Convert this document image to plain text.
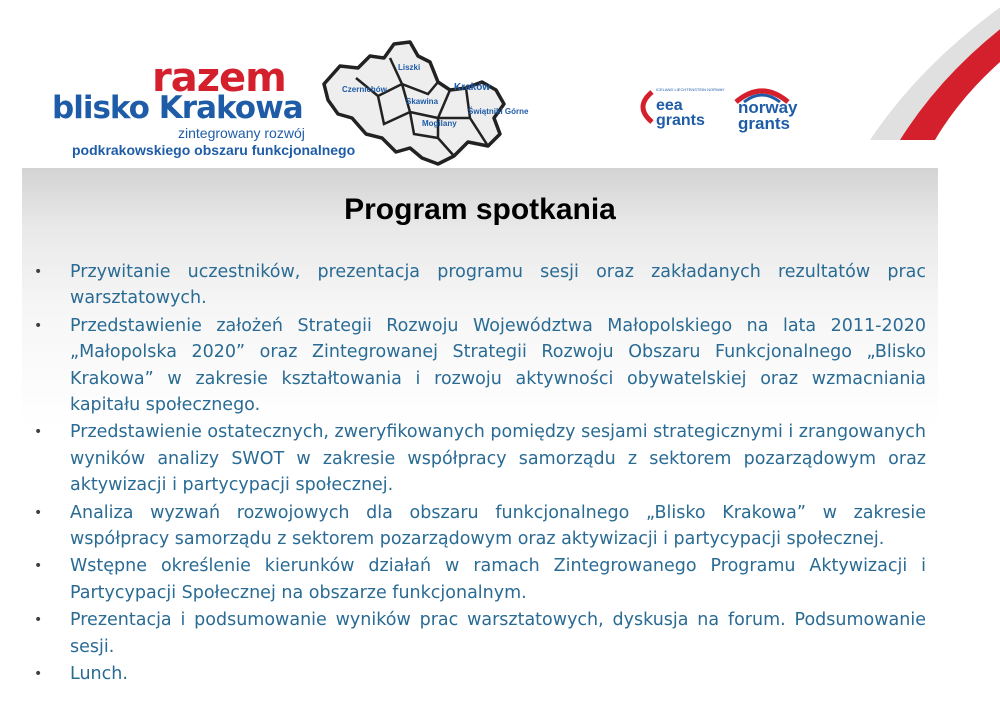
razem
blisko Krakowa
zintegrowany rozwój
podkrakowskiego obszaru funkcjonalnego
Liszki
Czernichów
Skawina
Kraków
Mogilany
Świątniki Górne
ICELAND LIECHTENSTEIN NORWAY
eea
grants
norway
grants
Program spotkania
• Przywitanie uczestników, prezentacja programu sesji oraz zakładanych rezultatów prac warsztatowych.
• Przedstawienie założeń Strategii Rozwoju Województwa Małopolskiego na lata 2011-2020 „Małopolska 2020” oraz Zintegrowanej Strategii Rozwoju Obszaru Funkcjonalnego „Blisko Krakowa” w zakresie kształtowania i rozwoju aktywności obywatelskiej oraz wzmacniania kapitału społecznego.
• Przedstawienie ostatecznych, zweryfikowanych pomiędzy sesjami strategicznymi i zrangowanych wyników analizy SWOT w zakresie współpracy samorządu z sektorem pozarządowym oraz aktywizacji i partycypacji społecznej.
• Analiza wyzwań rozwojowych dla obszaru funkcjonalnego „Blisko Krakowa” w zakresie współpracy samorządu z sektorem pozarządowym oraz aktywizacji i partycypacji społecznej.
• Wstępne określenie kierunków działań w ramach Zintegrowanego Programu Aktywizacji i Partycypacji Społecznej na obszarze funkcjonalnym.
• Prezentacja i podsumowanie wyników prac warsztatowych, dyskusja na forum. Podsumowanie sesji.
• Lunch.
